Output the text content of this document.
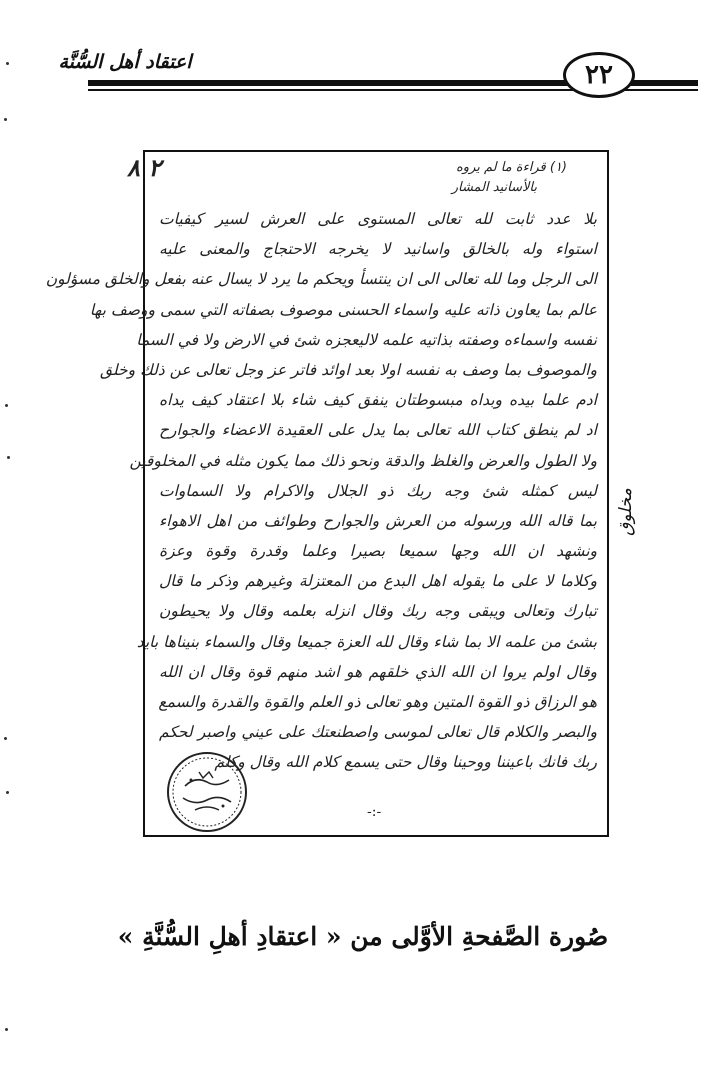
اعتقاد أهل السُّنَّة	٢٢
٢ ٨	(١) قراءة ما لم يروه
بالأسانيد المشار
بلا عدد ثابت لله تعالى المستوى على العرش لسير كيفيات
استواء وله بالخالق واسانيد لا يخرجه الاحتجاج والمعنى عليه
الى الرجل وما لله تعالى الى ان ينتسأ ويحكم ما يرد لا يسال عنه بفعل والخلق مسؤلون
عالم بما يعاون ذاته عليه واسماء الحسنى موصوف بصفاته التي سمى ووصف بها
نفسه واسماءه وصفته بذاتيه علمه لاليعجزه شئ في الارض ولا في السما
والموصوف بما وصف به نفسه اولا بعد اوائد فاتر عز وجل تعالى عن ذلك وخلق
ادم علما بيده وبداه مبسوطتان ينفق كيف شاء بلا اعتقاد كيف يداه
اد لم ينطق كتاب الله تعالى بما يدل على العقيدة الاعضاء والجوارح
ولا الطول والعرض والغلظ والدقة ونحو ذلك مما يكون مثله في المخلوقين
ليس كمثله شئ وجه ربك ذو الجلال والاكرام ولا السماوات
بما قاله الله ورسوله من العرش والجوارح وطوائف من اهل الاهواء
ونشهد ان الله وجها سميعا بصيرا وعلما وقدرة وقوة وعزة
وكلاما لا على ما يقوله اهل البدع من المعتزلة وغيرهم وذكر ما قال
تبارك وتعالى ويبقى وجه ربك وقال انزله بعلمه وقال ولا يحيطون
بشئ من علمه الا بما شاء وقال لله العزة جميعا وقال والسماء بنيناها بايد
وقال اولم يروا ان الله الذي خلقهم هو اشد منهم قوة وقال ان الله
هو الرزاق ذو القوة المتين وهو تعالى ذو العلم والقوة والقدرة والسمع
والبصر والكلام قال تعالى لموسى واصطنعتك على عيني واصبر لحكم
ربك فانك باعيننا ووحينا وقال حتى يسمع كلام الله وقال وكلم
-:-
مخلوق
صُورة الصَّفحةِ الأوَّلى من « اعتقادِ أهلِ السُّنَّةِ »
